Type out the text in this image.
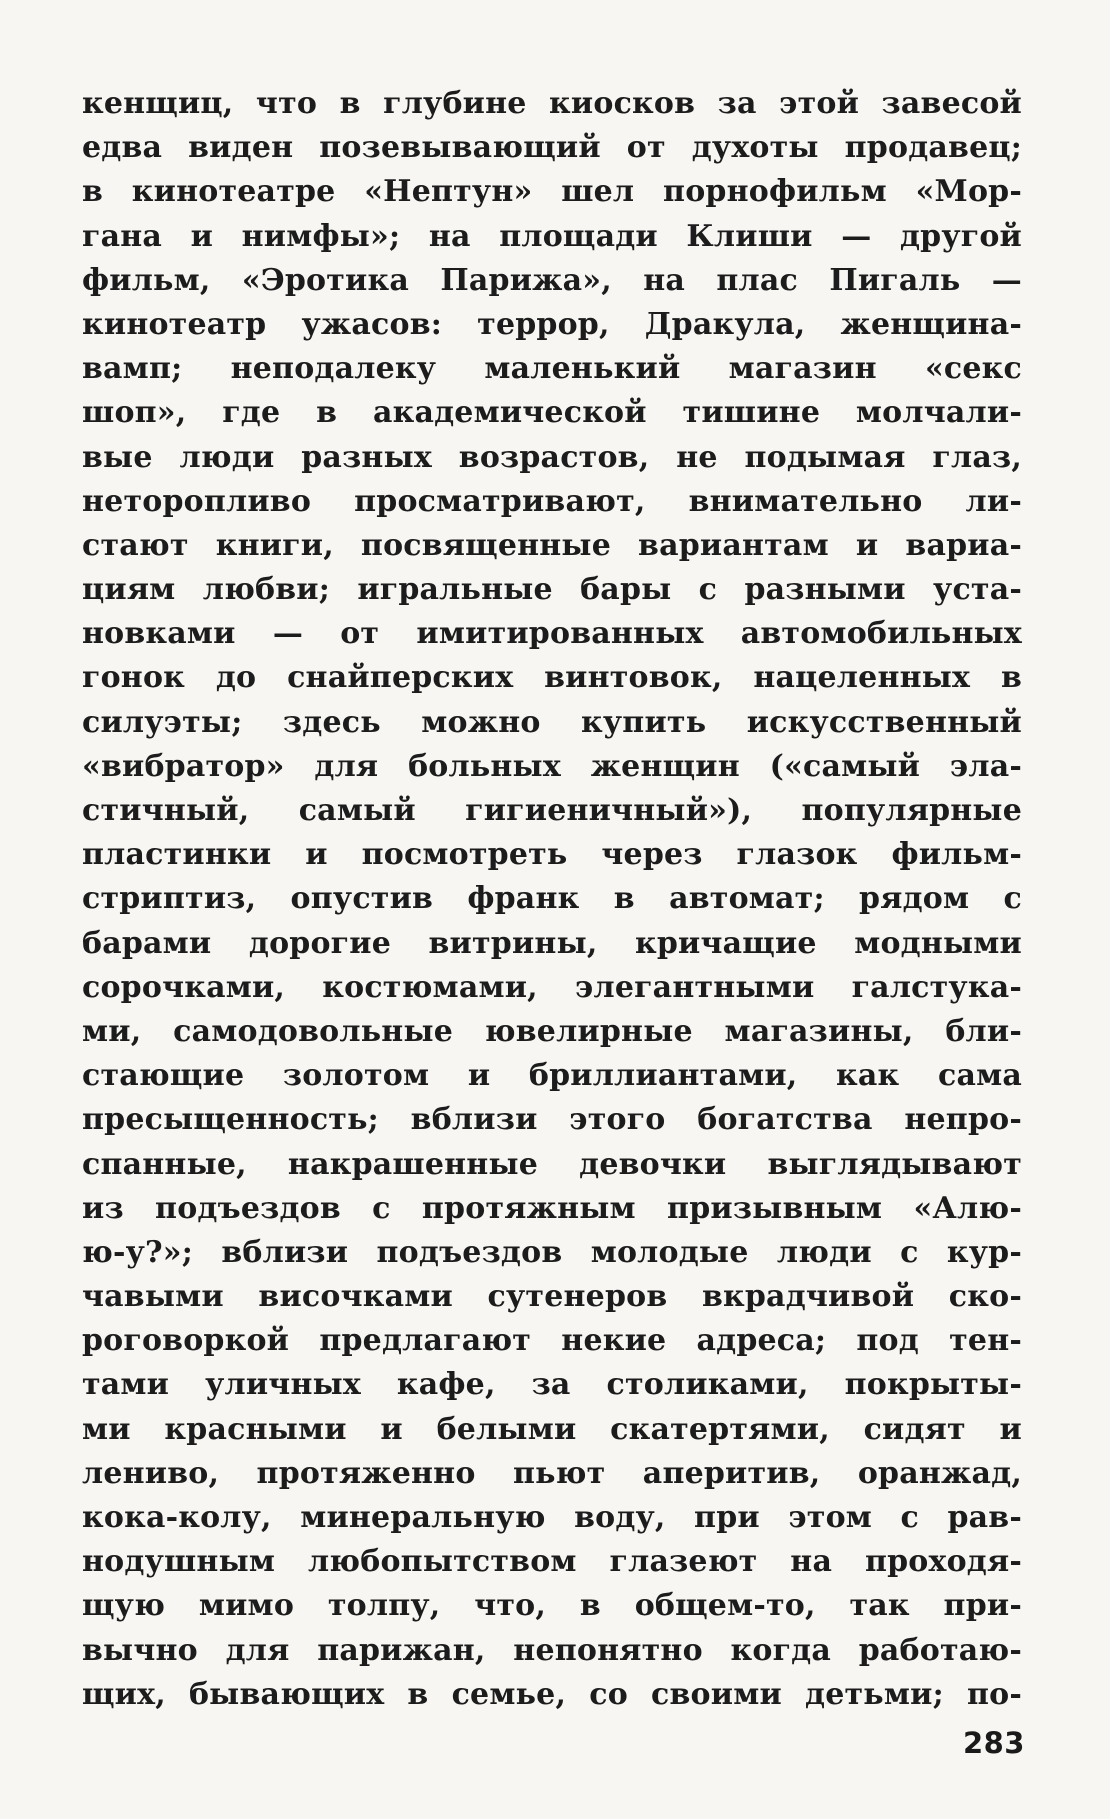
кенщиц, что в глубине киосков за этой завесой
едва виден позевывающий от духоты продавец;
в кинотеатре «Нептун» шел порнофильм «Мор-
гана и нимфы»; на площади Клиши — другой
фильм, «Эротика Парижа», на плас Пигаль —
кинотеатр ужасов: террор, Дракула, женщина-
вамп; неподалеку маленький магазин «секс
шоп», где в академической тишине молчали-
вые люди разных возрастов, не подымая глаз,
неторопливо просматривают, внимательно ли-
стают книги, посвященные вариантам и вариа-
циям любви; игральные бары с разными уста-
новками — от имитированных автомобильных
гонок до снайперских винтовок, нацеленных в
силуэты; здесь можно купить искусственный
«вибратор» для больных женщин («самый эла-
стичный, самый гигиеничный»), популярные
пластинки и посмотреть через глазок фильм-
стриптиз, опустив франк в автомат; рядом с
барами дорогие витрины, кричащие модными
сорочками, костюмами, элегантными галстука-
ми, самодовольные ювелирные магазины, бли-
стающие золотом и бриллиантами, как сама
пресыщенность; вблизи этого богатства непро-
спанные, накрашенные девочки выглядывают
из подъездов с протяжным призывным «Алю-
ю-у?»; вблизи подъездов молодые люди с кур-
чавыми височками сутенеров вкрадчивой ско-
роговоркой предлагают некие адреса; под тен-
тами уличных кафе, за столиками, покрыты-
ми красными и белыми скатертями, сидят и
лениво, протяженно пьют аперитив, оранжад,
кока-колу, минеральную воду, при этом с рав-
нодушным любопытством глазеют на проходя-
щую мимо толпу, что, в общем-то, так при-
вычно для парижан, непонятно когда работаю-
щих, бывающих в семье, со своими детьми; по-
283
